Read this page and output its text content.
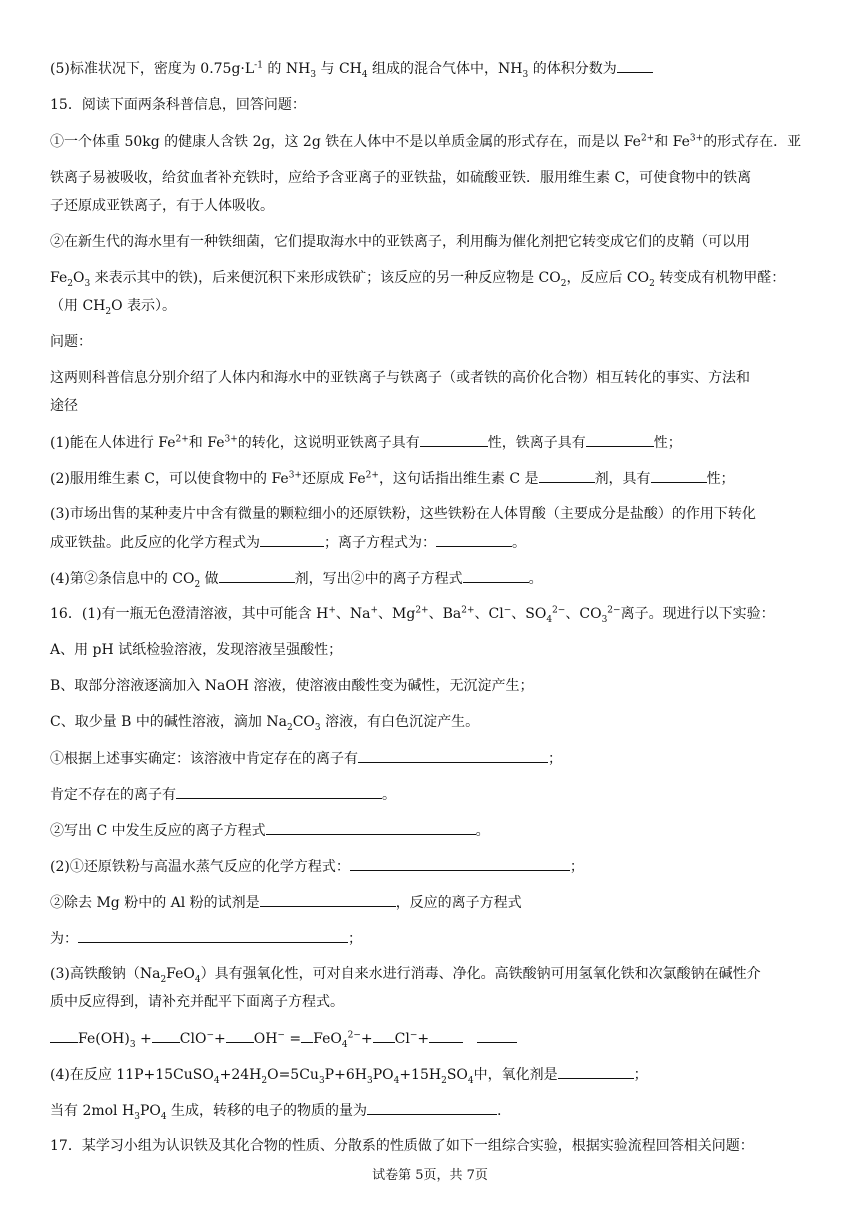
(5)标准状况下，密度为 $0.75g\cdot L^{-1}$ 的 $NH_3$ 与 $CH_4$ 组成的混合气体中，$NH_3$ 的体积分数为
15．阅读下面两条科普信息，回答问题：
①一个体重 50kg 的健康人含铁 2g，这 2g 铁在人体中不是以单质金属的形式存在，而是以 $Fe^{2+}$和 $Fe^{3+}$的形式存在．亚
铁离子易被吸收，给贫血者补充铁时，应给予含亚离子的亚铁盐，如硫酸亚铁．服用维生素 C，可使食物中的铁离
子还原成亚铁离子，有于人体吸收。
②在新生代的海水里有一种铁细菌，它们提取海水中的亚铁离子，利用酶为催化剂把它转变成它们的皮鞘（可以用
$Fe_2O_3$ 来表示其中的铁)，后来便沉积下来形成铁矿；该反应的另一种反应物是 $CO_2$，反应后 $CO_2$ 转变成有机物甲醛：
（用 $CH_2O$ 表示）。
问题：
这两则科普信息分别介绍了人体内和海水中的亚铁离子与铁离子（或者铁的高价化合物）相互转化的事实、方法和
途径
(1)能在人体进行 $Fe^{2+}$和 $Fe^{3+}$的转化，这说明亚铁离子具有	性，铁离子具有	性；
(2)服用维生素 C，可以使食物中的 $Fe^{3+}$还原成 $Fe^{2+}$，这句话指出维生素 C 是	剂，具有	性；
(3)市场出售的某种麦片中含有微量的颗粒细小的还原铁粉，这些铁粉在人体胃酸（主要成分是盐酸）的作用下转化
成亚铁盐。此反应的化学方程式为	；离子方程式为：	。
(4)第②条信息中的 $CO_2$ 做	剂，写出②中的离子方程式	。
16．(1)有一瓶无色澄清溶液，其中可能含 H+、Na+、$Mg^{2+}$、$Ba^{2+}$、Cl−、$SO_4^{2-}$、$CO_3^{2-}$离子。现进行以下实验：
A、用 pH 试纸检验溶液，发现溶液呈强酸性；
B、取部分溶液逐滴加入 NaOH 溶液，使溶液由酸性变为碱性，无沉淀产生；
C、取少量 B 中的碱性溶液，滴加 $Na_2CO_3$ 溶液，有白色沉淀产生。
①根据上述事实确定：该溶液中肯定存在的离子有	；
肯定不存在的离子有	。
②写出 C 中发生反应的离子方程式	。
(2)①还原铁粉与高温水蒸气反应的化学方程式：	；
②除去 Mg 粉中的 Al 粉的试剂是	，反应的离子方程式
为：	；
(3)高铁酸钠$(Na_2FeO_4)$具有强氧化性，可对自来水进行消毒、净化。高铁酸钠可用氢氧化铁和次氯酸钠在碱性介
质中反应得到，请补充并配平下面离子方程式。
$Fe(OH)_3 + ClO^-+ OH^- = FeO_4^{2-}+ Cl^-+$
(4)在反应 $11P+15CuSO_4+24H_2O=5Cu_3P+6H_3PO_4+15H_2SO_4$中，氧化剂是	；
当有 2mol $H_3PO_4$ 生成，转移的电子的物质的量为	.
17．某学习小组为认识铁及其化合物的性质、分散系的性质做了如下一组综合实验，根据实验流程回答相关问题：
试卷第 5页，共 7页
